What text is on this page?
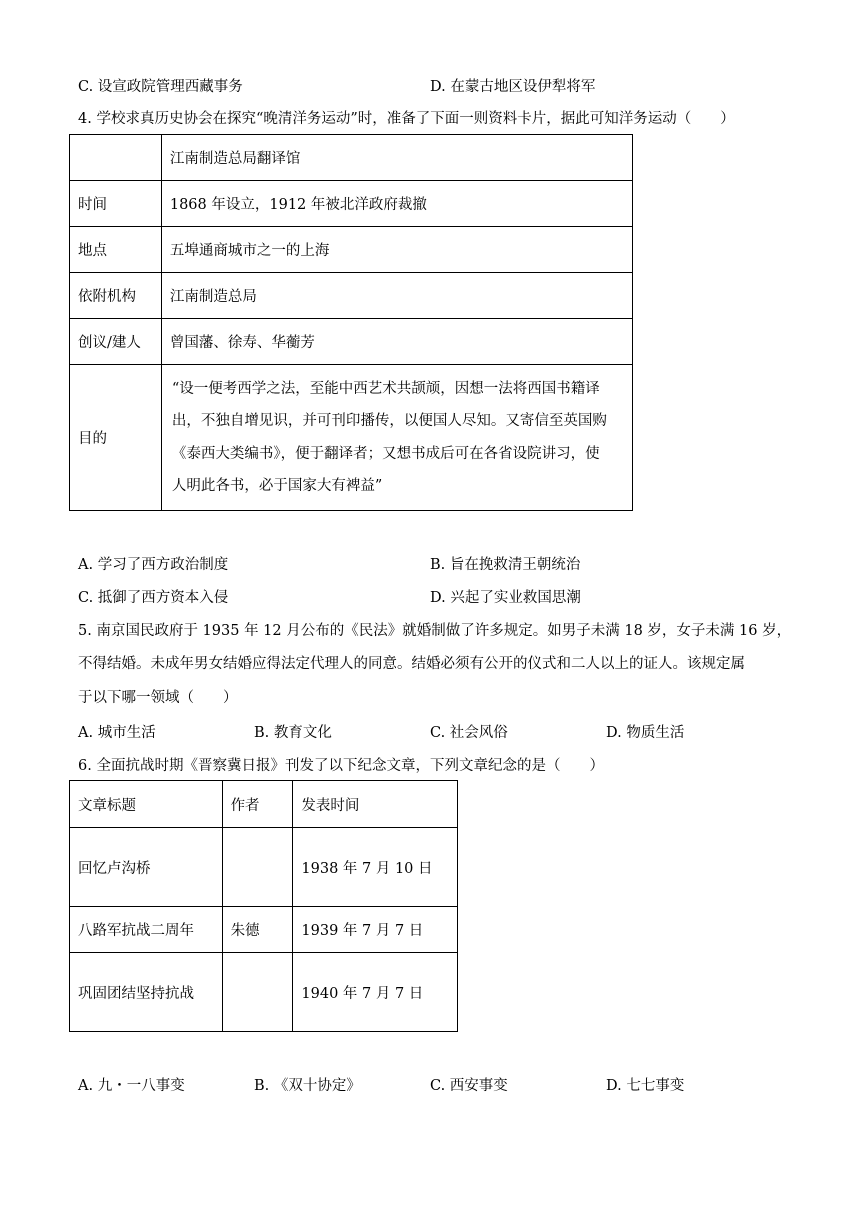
C. 设宣政院管理西藏事务	D. 在蒙古地区设伊犁将军
4. 学校求真历史协会在探究“晚清洋务运动”时，准备了下面一则资料卡片，据此可知洋务运动（　　）
	江南制造总局翻译馆
时间	1868 年设立，1912 年被北洋政府裁撤
地点	五埠通商城市之一的上海
依附机构	江南制造总局
创议/建人	曾国藩、徐寿、华蘅芳
目的	“设一便考西学之法，至能中西艺术共颉颃，因想一法将西国书籍译
出，不独自增见识，并可刊印播传，以便国人尽知。又寄信至英国购
《泰西大类编书》，便于翻译者；又想书成后可在各省设院讲习，使
人明此各书，必于国家大有裨益”
A. 学习了西方政治制度	B. 旨在挽救清王朝统治
C. 抵御了西方资本入侵	D. 兴起了实业救国思潮
5. 南京国民政府于 1935 年 12 月公布的《民法》就婚制做了许多规定。如男子未满 18 岁，女子未满 16 岁，
不得结婚。未成年男女结婚应得法定代理人的同意。结婚必须有公开的仪式和二人以上的证人。该规定属
于以下哪一领域（　　）
A. 城市生活	B. 教育文化	C. 社会风俗	D. 物质生活
6. 全面抗战时期《晋察冀日报》刊发了以下纪念文章，下列文章纪念的是（　　）
文章标题	作者	发表时间
回忆卢沟桥		1938 年 7 月 10 日
八路军抗战二周年	朱德	1939 年 7 月 7 日
巩固团结坚持抗战		1940 年 7 月 7 日
A. 九・一八事变	B. 《双十协定》	C. 西安事变	D. 七七事变
